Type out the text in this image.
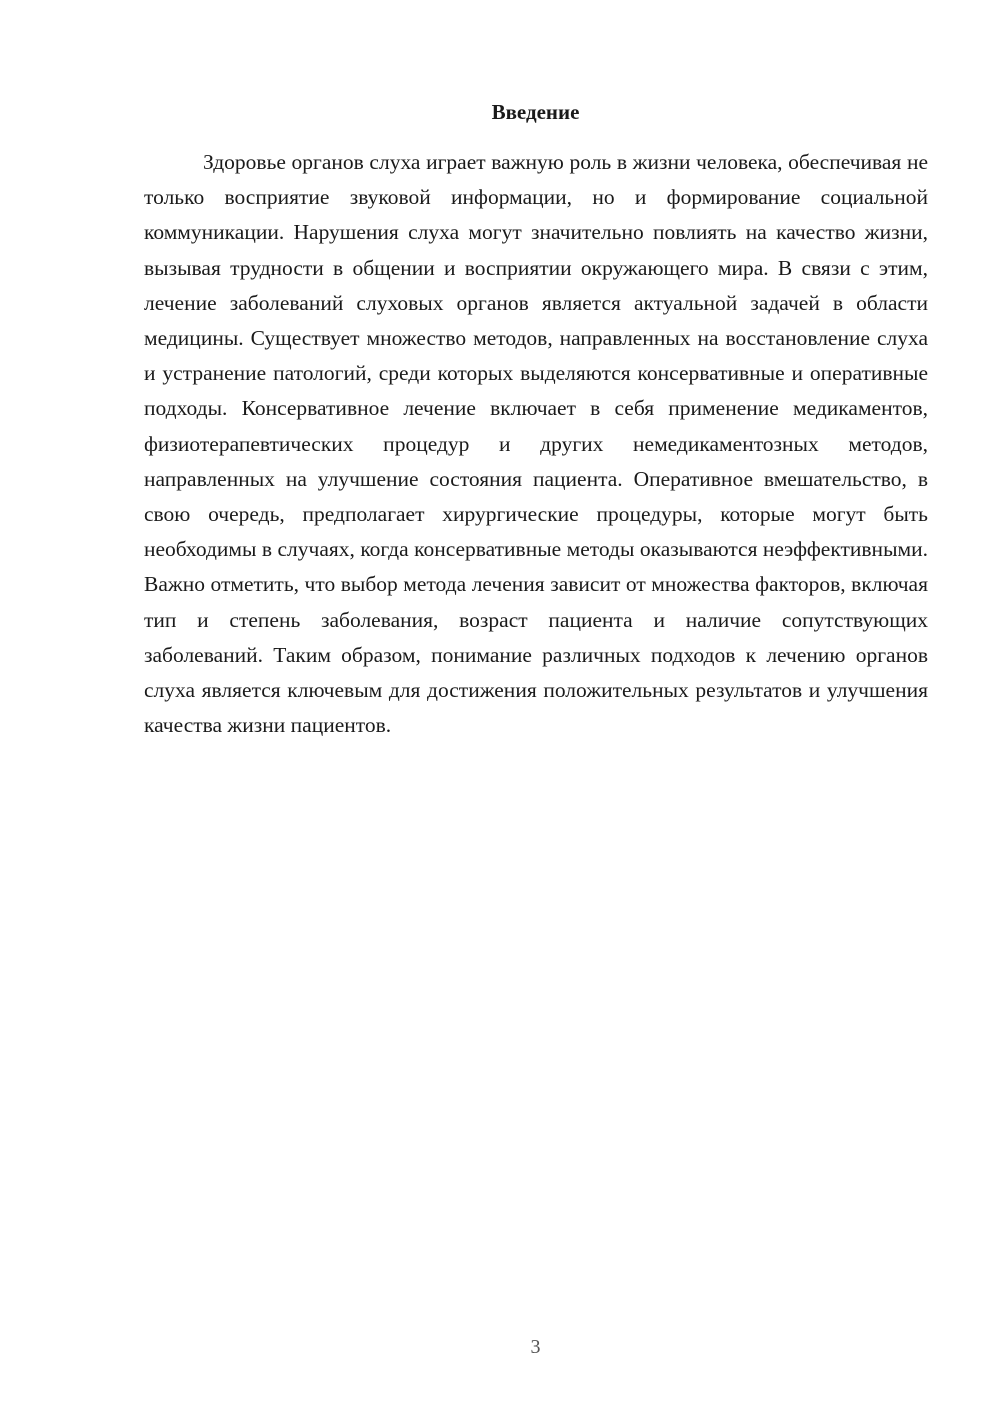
Введение

Здоровье органов слуха играет важную роль в жизни человека, обеспечивая не только восприятие звуковой информации, но и формирование социальной коммуникации. Нарушения слуха могут значительно повлиять на качество жизни, вызывая трудности в общении и восприятии окружающего мира. В связи с этим, лечение заболеваний слуховых органов является актуальной задачей в области медицины. Существует множество методов, направленных на восстановление слуха и устранение патологий, среди которых выделяются консервативные и оперативные подходы. Консервативное лечение включает в себя применение медикаментов, физиотерапевтических процедур и других немедикаментозных методов, направленных на улучшение состояния пациента. Оперативное вмешательство, в свою очередь, предполагает хирургические процедуры, которые могут быть необходимы в случаях, когда консервативные методы оказываются неэффективными. Важно отметить, что выбор метода лечения зависит от множества факторов, включая тип и степень заболевания, возраст пациента и наличие сопутствующих заболеваний. Таким образом, понимание различных подходов к лечению органов слуха является ключевым для достижения положительных результатов и улучшения качества жизни пациентов.

3
